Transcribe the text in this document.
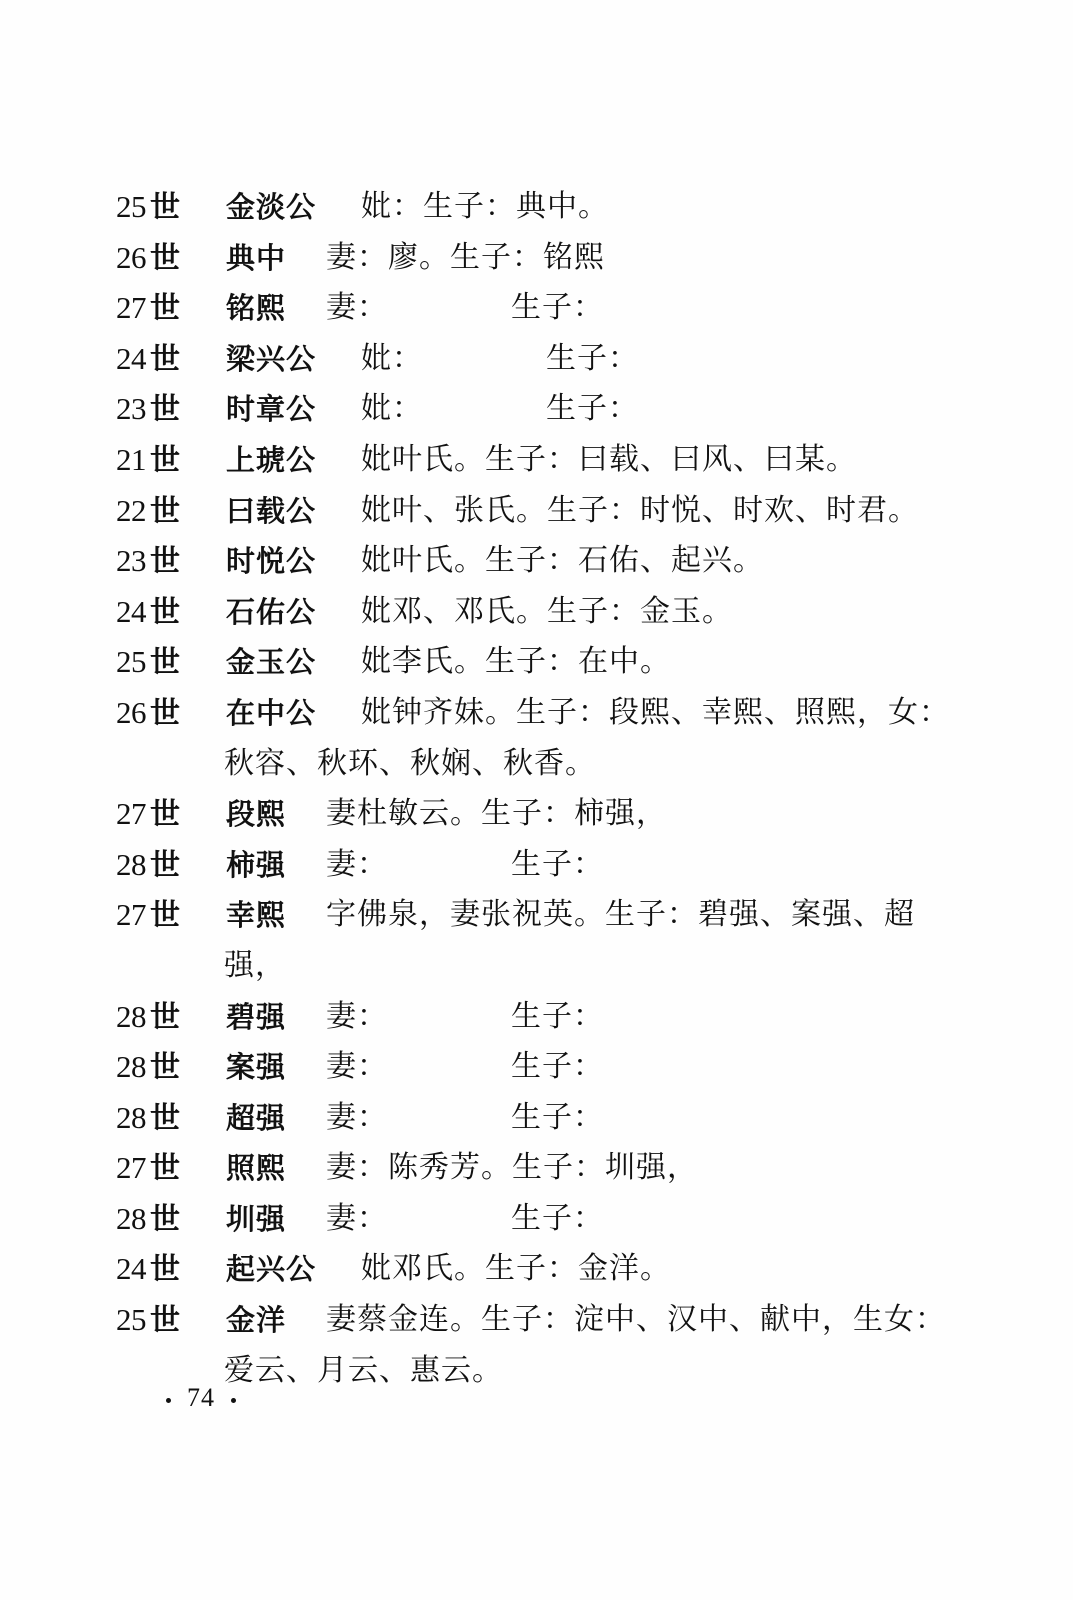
25 世	金淡公 妣：生子：典中。
26 世	典中 妻：廖。生子：铭熙
27 世	铭熙 妻：	生子：
24 世	梁兴公 妣：	生子：
23 世	时章公 妣：	生子：
21 世	上琥公 妣叶氏。生子：曰载、曰风、曰某。
22 世	曰载公 妣叶、张氏。生子：时悦、时欢、时君。
23 世	时悦公 妣叶氏。生子：石佑、起兴。
24 世	石佑公 妣邓、邓氏。生子：金玉。
25 世	金玉公 妣李氏。生子：在中。
26 世	在中公 妣钟齐妹。生子：段熙、幸熙、照熙，女：
秋容、秋环、秋娴、秋香。
27 世	段熙 妻杜敏云。生子：柿强，
28 世	柿强 妻：	生子：
27 世	幸熙 字佛泉，妻张祝英。生子：碧强、案强、超
强，
28 世	碧强 妻：	生子：
28 世	案强 妻：	生子：
28 世	超强 妻：	生子：
27 世	照熙 妻：陈秀芳。生子：圳强，
28 世	圳强 妻：	生子：
24 世	起兴公 妣邓氏。生子：金洋。
25 世	金洋 妻蔡金连。生子：淀中、汉中、献中，生女：
爱云、月云、惠云。
74
